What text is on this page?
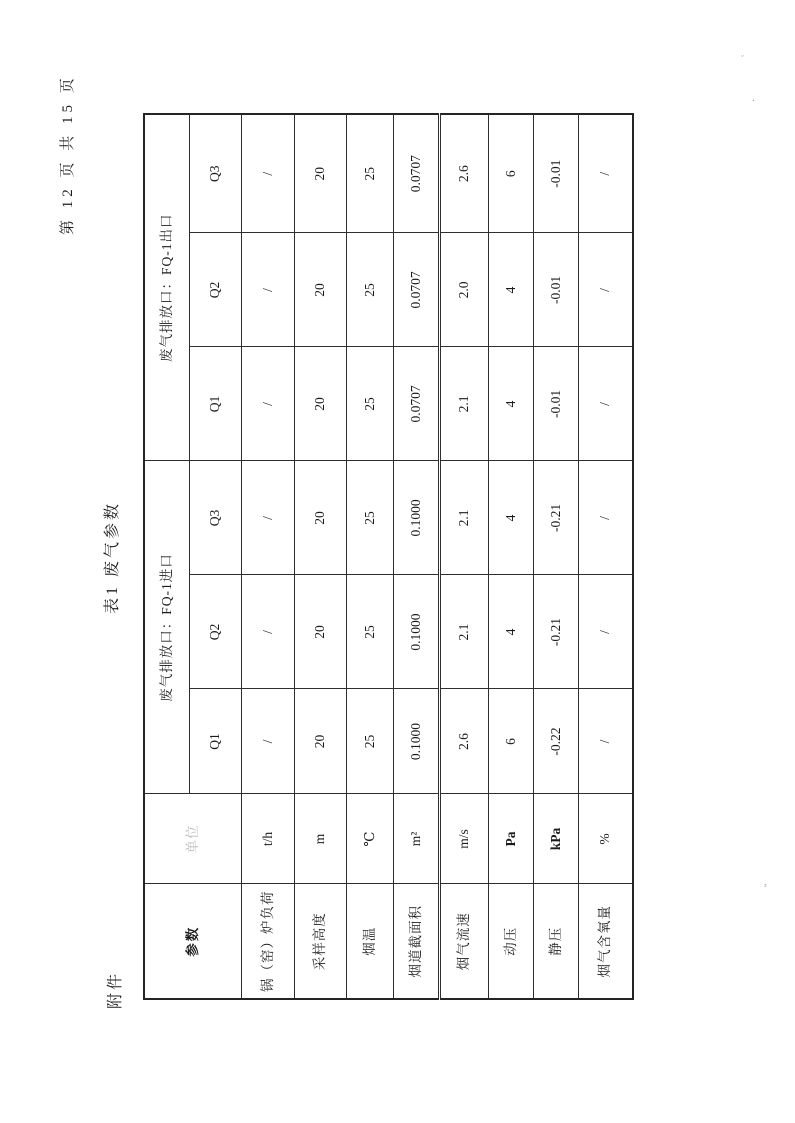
附件
第 12 页 共 15 页
表1 废气参数
参数	单位	废气排放口：FQ-1进口			废气排放口：FQ-1出口		
		Q1	Q2	Q3	Q1	Q2	Q3
锅（窑）炉负荷	t/h	/	/	/	/	/	/
采样高度	m	20	20	20	20	20	20
烟温	℃	25	25	25	25	25	25
烟道截面积	m²	0.1000	0.1000	0.1000	0.0707	0.0707	0.0707
烟气流速	m/s	2.6	2.1	2.1	2.1	2.0	2.6
动压	Pa	6	4	4	4	4	6
静压	kPa	-0.22	-0.21	-0.21	-0.01	-0.01	-0.01
烟气含氧量	%	/	/	/	/	/	/
ᵕ
·
ᶻ
